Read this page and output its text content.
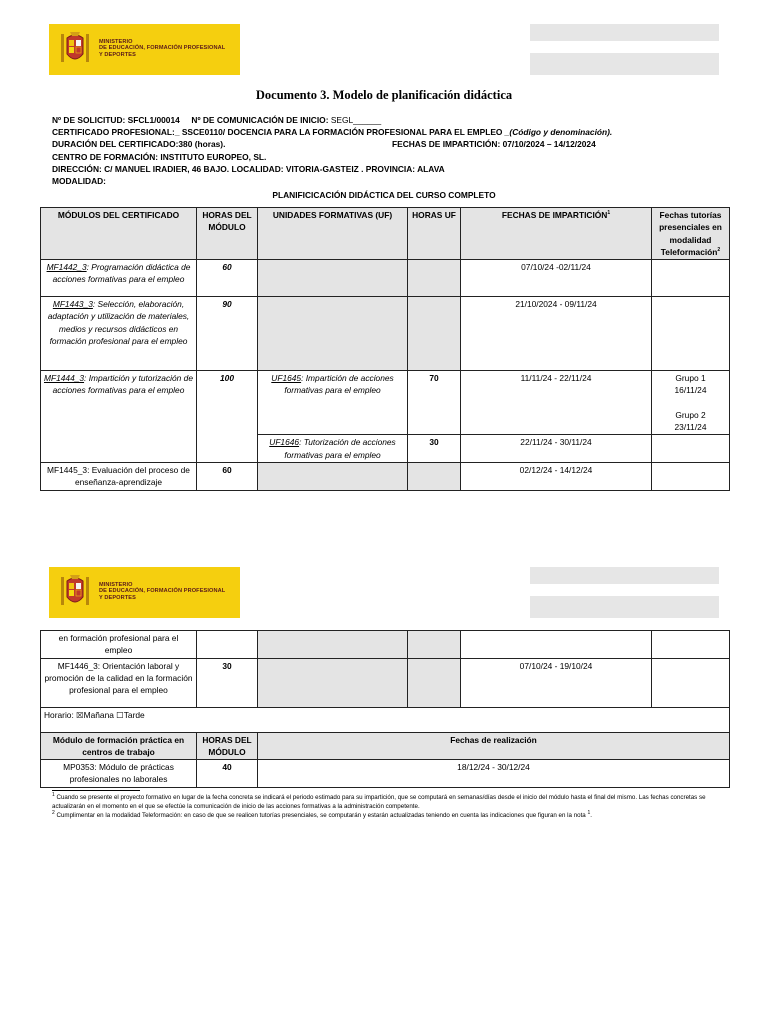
MINISTERIO
DE EDUCACIÓN, FORMACIÓN PROFESIONAL
Y DEPORTES
Documento 3. Modelo de planificación didáctica
Nº DE SOLICITUD: SFCL1/00014 Nº DE COMUNICACIÓN DE INICIO: SEGL______
CERTIFICADO PROFESIONAL:_ SSCE0110/ DOCENCIA PARA LA FORMACIÓN PROFESIONAL PARA EL EMPLEO _(Código y denominación).
DURACIÓN DEL CERTIFICADO:380 (horas).	FECHAS DE IMPARTICIÓN: 07/10/2024 – 14/12/2024
CENTRO DE FORMACIÓN: INSTITUTO EUROPEO, SL.
DIRECCIÓN: C/ MANUEL IRADIER, 46 BAJO. LOCALIDAD: VITORIA-GASTEIZ . PROVINCIA: ALAVA
MODALIDAD:
PLANIFICICACIÓN DIDÁCTICA DEL CURSO COMPLETO
MÓDULOS DEL CERTIFICADO	HORAS DEL MÓDULO	UNIDADES FORMATIVAS (UF)	HORAS UF	FECHAS DE IMPARTICIÓN$^1$	Fechas tutorías presenciales en modalidad Teleformación$^2$
MF1442_3: Programación didáctica de acciones formativas para el empleo	60			07/10/24 -02/11/24	
MF1443_3: Selección, elaboración, adaptación y utilización de materiales, medios y recursos didácticos en formación profesional para el empleo	90			21/10/2024 - 09/11/24	
MF1444_3: Impartición y tutorización de acciones formativas para el empleo	100	UF1645: Impartición de acciones formativas para el empleo	70	11/11/24 - 22/11/24	Grupo 1
16/11/24
Grupo 2
23/11/24

		UF1646: Tutorización de acciones formativas para el empleo	30	22/11/24 - 30/11/24	
MF1445_3: Evaluación del proceso de enseñanza-aprendizaje	60			02/12/24 - 14/12/24	
MINISTERIO
DE EDUCACIÓN, FORMACIÓN PROFESIONAL
Y DEPORTES
en formación profesional para el empleo					
MF1446_3: Orientación laboral y promoción de la calidad en la formación profesional para el empleo	30			07/10/24 - 19/10/24	
Horario: ☒Mañana ☐Tarde					
Módulo de formación práctica en centros de trabajo	HORAS DEL MÓDULO	Fechas de realización			
MP0353: Módulo de prácticas profesionales no laborales	40	18/12/24 - 30/12/24			
$^1$ Cuando se presente el proyecto formativo en lugar de la fecha concreta se indicará el periodo estimado para su impartición, que se computará en semanas/días desde el inicio del módulo hasta el final del mismo. Las fechas concretas se actualizarán en el momento en el que se efectúe la comunicación de inicio de las acciones formativas a la administración competente.
$^2$ Cumplimentar en la modalidad Teleformación: en caso de que se realicen tutorías presenciales, se computarán y estarán actualizadas teniendo en cuenta las indicaciones que figuran en la nota $^1$.
